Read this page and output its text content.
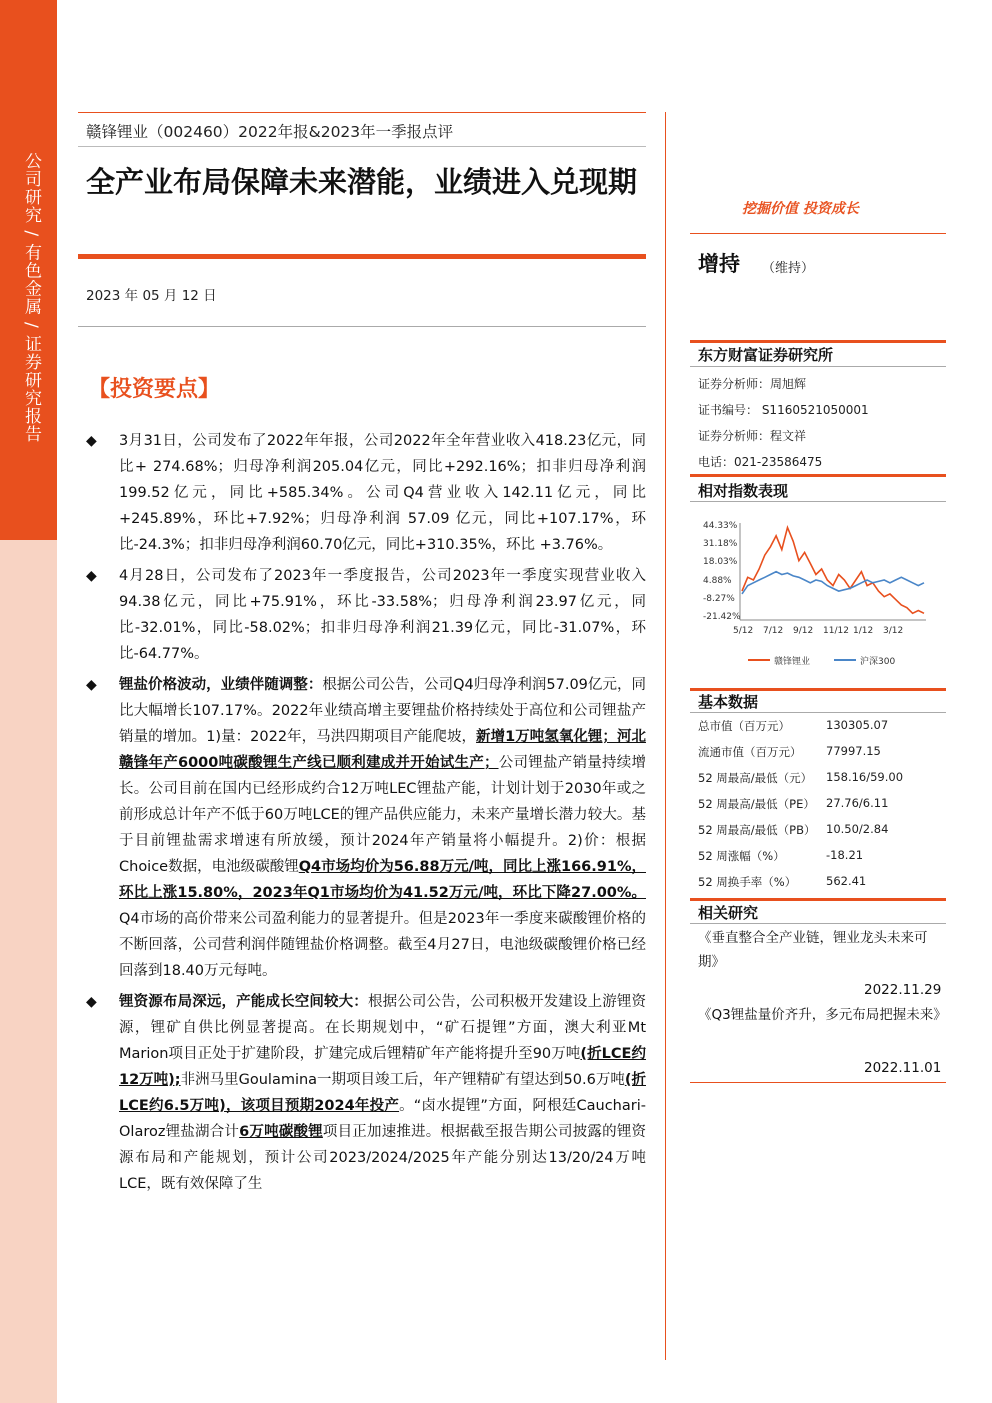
公司研究 / 有色金属 / 证券研究报告
赣锋锂业（002460）2022年报&2023年一季报点评
全产业布局保障未来潜能，业绩进入兑现期
2023 年 05 月 12 日
【投资要点】
◆ 3月31日，公司发布了2022年年报，公司2022年全年营业收入418.23亿元，同比+ 274.68%；归母净利润205.04亿元，同比+292.16%；扣非归母净利润199.52亿元，同比+585.34%。公司Q4营业收入142.11亿元，同比+245.89%，环比+7.92%；归母净利润 57.09 亿元，同比+107.17%，环比-24.3%；扣非归母净利润60.70亿元，同比+310.35%，环比 +3.76%。
◆ 4月28日，公司发布了2023年一季度报告，公司2023年一季度实现营业收入94.38亿元，同比+75.91%，环比-33.58%；归母净利润23.97亿元，同比-32.01%，同比-58.02%；扣非归母净利润21.39亿元，同比-31.07%，环比-64.77%。
◆ 锂盐价格波动，业绩伴随调整：根据公司公告，公司Q4归母净利润57.09亿元，同比大幅增长107.17%。2022年业绩高增主要锂盐价格持续处于高位和公司锂盐产销量的增加。1)量：2022年，马洪四期项目产能爬坡，新增1万吨氢氧化锂；河北赣锋年产6000吨碳酸锂生产线已顺利建成并开始试生产；公司锂盐产销量持续增长。公司目前在国内已经形成约合12万吨LEC锂盐产能，计划计划于2030年或之前形成总计年产不低于60万吨LCE的锂产品供应能力，未来产量增长潜力较大。基于目前锂盐需求增速有所放缓，预计2024年产销量将小幅提升。2)价：根据Choice数据，电池级碳酸锂Q4市场均价为56.88万元/吨，同比上涨166.91%，环比上涨15.80%，2023年Q1市场均价为41.52万元/吨，环比下降27.00%。Q4市场的高价带来公司盈利能力的显著提升。但是2023年一季度来碳酸锂价格的不断回落，公司营利润伴随锂盐价格调整。截至4月27日，电池级碳酸锂价格已经回落到18.40万元每吨。
◆ 锂资源布局深远，产能成长空间较大：根据公司公告，公司积极开发建设上游锂资源，锂矿自供比例显著提高。在长期规划中，“矿石提锂”方面，澳大利亚Mt Marion项目正处于扩建阶段，扩建完成后锂精矿年产能将提升至90万吨(折LCE约12万吨);非洲马里Goulamina一期项目竣工后，年产锂精矿有望达到50.6万吨(折LCE约6.5万吨)，该项目预期2024年投产。“卤水提锂”方面，阿根廷Cauchari-Olaroz锂盐湖合计6万吨碳酸锂项目正加速推进。根据截至报告期公司披露的锂资源布局和产能规划，预计公司2023/2024/2025年产能分别达13/20/24万吨LCE，既有效保障了生
挖掘价值 投资成长
增持 （维持）
东方财富证券研究所
证券分析师：周旭辉
证书编号： S1160521050001
证券分析师：程文祥
电话：021-23586475
相对指数表现
44.33%
31.18%
18.03%
4.88%
-8.27%
-21.42%
5/12 7/12 9/12 11/12 1/12 3/12
赣锋锂业	沪深300
基本数据
总市值（百万元）	130305.07
流通市值（百万元） 77997.15
52 周最高/最低（元） 158.16/59.00
52 周最高/最低（PE） 27.76/6.11
52 周最高/最低（PB） 10.50/2.84
52 周涨幅（%）	-18.21
52 周换手率（%）	562.41
相关研究
《垂直整合全产业链，锂业龙头未来可期》
2022.11.29
《Q3锂盐量价齐升，多元布局把握未来》
2022.11.01
